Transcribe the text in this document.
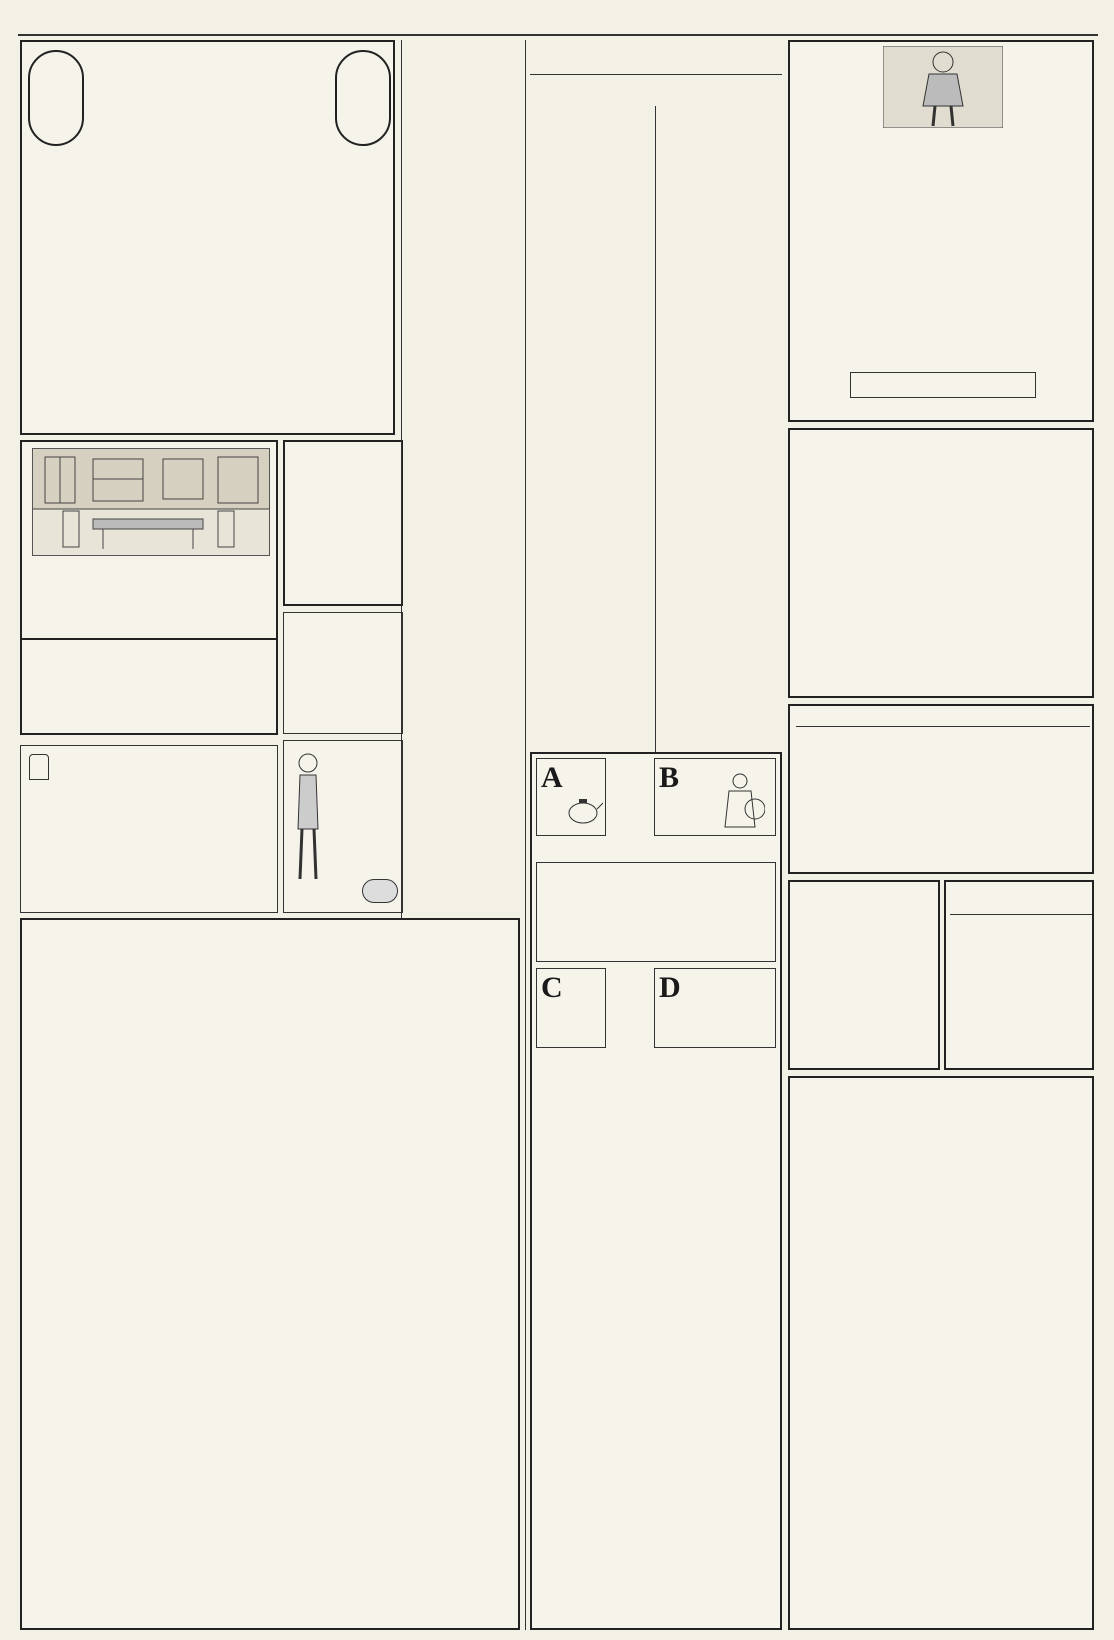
A	B
C	D
